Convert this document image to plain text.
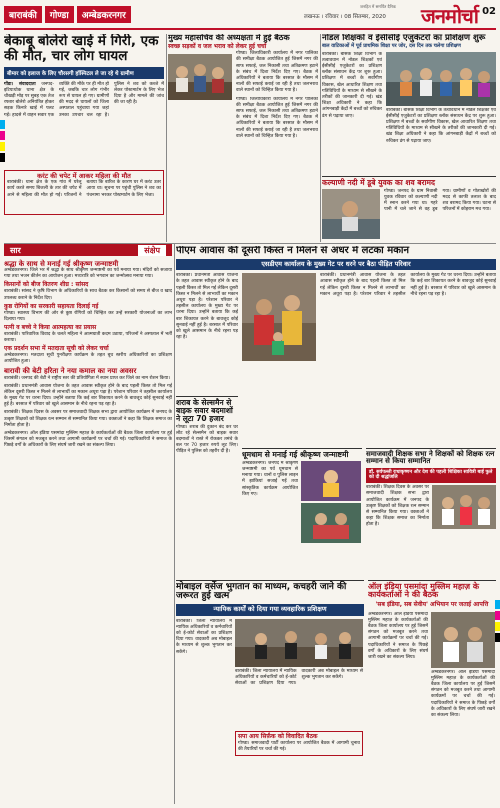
बाराबंकी	गोण्डा	अम्बेडकरनगर	लखनऊ । रविवार । 08 सितम्बर, 2020
जनहित में समर्पित दैनिक जनमोर्चा 02
बेकाबू बोलेरो खाई में गिरी, एक की मौत, चार लोग घायल
बीमार को इलाज के लिए चौरसगी हॉस्पिटल ले जा रहे थे ग्रामीण
गोंडा। संवाददाता जनपद-इटियाथोक थाना क्षेत्र के चौखड़ी मोड़ पर सुबह एक तेज रफ्तार बोलेरो अनियंत्रित होकर सड़क किनारे खाई में पलट गई। हादसे में वाहन सवार एक व्यक्ति की मौके पर ही मौत हो गई, जबकि चार लोग गंभीर रूप से घायल हो गए। ग्रामीणों की मदद से घायलों को जिला अस्पताल पहुंचाया गया जहां उनका उपचार चल रहा है। पुलिस ने शव को कब्जे में लेकर पोस्टमार्टम के लिए भेज दिया है और मामले की जांच की जा रही है।
करंट की चपेट में आकर महिला की मौत
बाराबंकी। थाना क्षेत्र के एक गांव में घरेलू कार्य करते समय बिजली के तार की चपेट में आने से महिला की मौत हो गई। परिजनों ने बताया कि बारिश के कारण घर में करंट उतर आया था। सूचना पर पहुंची पुलिस ने शव का पंचनामा भरकर पोस्टमार्टम के लिए भेजा।
मुख्य महासचिव की अध्यक्षता में हुई बैठक
स्वच्छ सड़कों व जल भराव को लेकर हुई चर्चा
गोण्डा। जिलाधिकारी कार्यालय में नगर पालिका की समीक्षा बैठक आयोजित हुई जिसमें नगर की साफ सफाई, जल निकासी तथा अतिक्रमण हटाने के संबंध में दिशा निर्देश दिए गए। बैठक में अधिकारियों ने बताया कि बरसात के मौसम में नालों की सफाई कराई जा रही है तथा जलभराव वाले स्थानों को चिन्हित किया गया है।
गोण्डा। जिलाधिकारी कार्यालय में नगर पालिका की समीक्षा बैठक आयोजित हुई जिसमें नगर की साफ सफाई, जल निकासी तथा अतिक्रमण हटाने के संबंध में दिशा निर्देश दिए गए। बैठक में अधिकारियों ने बताया कि बरसात के मौसम में नालों की सफाई कराई जा रही है तथा जलभराव वाले स्थानों को चिन्हित किया गया है।
नोडल शिक्षकों व ईसीसीई एजुकेटरों का प्रशिक्षण शुरू
बाल वाटिकाओं में पूर्व प्राथमिक शिक्षा पर जोर, दस दिन तक चलेगा प्रशिक्षण
बाराबंकी। बेसिक शिक्षा विभाग के तत्वावधान में नोडल शिक्षकों एवं ईसीसीई एजुकेटरों का प्रशिक्षण ब्लॉक संसाधन केंद्र पर शुरू हुआ। प्रशिक्षण में बच्चों के सर्वांगीण विकास, खेल आधारित शिक्षण तथा गतिविधियों के माध्यम से सीखने के तरीकों की जानकारी दी गई। खंड शिक्षा अधिकारी ने कहा कि आंगनबाड़ी केंद्रों में बच्चों को रुचिकर ढंग से पढ़ाया जाए।
बाराबंकी। बेसिक शिक्षा विभाग के तत्वावधान में नोडल शिक्षकों एवं ईसीसीई एजुकेटरों का प्रशिक्षण ब्लॉक संसाधन केंद्र पर शुरू हुआ। प्रशिक्षण में बच्चों के सर्वांगीण विकास, खेल आधारित शिक्षण तथा गतिविधियों के माध्यम से सीखने के तरीकों की जानकारी दी गई। खंड शिक्षा अधिकारी ने कहा कि आंगनबाड़ी केंद्रों में बच्चों को रुचिकर ढंग से पढ़ाया जाए।
कल्याणी नदी में डूबे युवक का शव बरामद
गोण्डा। जनपद के ग्राम निवासी युवक रविवार को कल्याणी नदी में स्नान करने गया था। गहरे पानी में चले जाने से वह डूब गया। ग्रामीणों व गोताखोरों की मदद से काफी तलाश के बाद शव बरामद किया गया। घटना से परिजनों में कोहराम मच गया।
सार	संक्षेप
श्रद्धा के साथ से मनाई गई श्रीकृष्ण जन्माष्टमी
अम्बेडकरनगर। जिले भर में श्रद्धा के साथ श्रीकृष्ण जन्माष्टमी का पर्व मनाया गया। मंदिरों को सजाया गया तथा भजन कीर्तन का आयोजन हुआ। मध्यरात्रि को भगवान का जन्मोत्सव मनाया गया।
किसानों को बीज वितरण शीघ्र : सांसद
बाराबंकी। सांसद ने कृषि विभाग के अधिकारियों के साथ बैठक कर किसानों को समय से बीज व खाद उपलब्ध कराने के निर्देश दिए।
कुष्ठ रोगियों का सरकारी सहायता दिलाई गई
गोण्डा। स्वास्थ्य विभाग की ओर से कुष्ठ रोगियों को चिन्हित कर उन्हें सरकारी योजनाओं का लाभ दिलाया गया।
पत्नी व बच्चे ने किया आत्महत्या का प्रयास
बाराबंकी। पारिवारिक विवाद के चलते महिला ने आत्मघाती कदम उठाया, परिजनों ने अस्पताल में भर्ती कराया।
एक प्रदर्शन सभा में मतदाता सूची को लेकर चर्चा
अम्बेडकरनगर। मतदाता सूची पुनरीक्षण कार्यक्रम के तहत बूथ स्तरीय अधिकारियों का प्रशिक्षण आयोजित हुआ।
बारावी की बेटी हरिता ने नया कमाल का नया अवसर
बाराबंकी। जनपद की बेटी ने राष्ट्रीय स्तर की प्रतियोगिता में स्थान प्राप्त कर जिले का नाम रोशन किया।
बाराबंकी। प्रधानमंत्री आवास योजना के तहत आवास स्वीकृत होने के बाद पहली किस्त तो मिल गई लेकिन दूसरी किस्त न मिलने से लाभार्थी का मकान अधूरा पड़ा है। परेशान परिवार ने तहसील कार्यालय के मुख्य गेट पर धरना दिया। उन्होंने बताया कि कई बार शिकायत करने के बावजूद कोई सुनवाई नहीं हुई है। बरसात में परिवार को खुले आसमान के नीचे रहना पड़ रहा है।
बाराबंकी। शिक्षक दिवस के अवसर पर समाजवादी शिक्षक सभा द्वारा आयोजित कार्यक्रम में जनपद के उत्कृष्ट शिक्षकों को शिक्षक रत्न सम्मान से सम्मानित किया गया। वक्ताओं ने कहा कि शिक्षक समाज का निर्माता होता है।
अम्बेडकरनगर। ऑल इंडिया पसमांदा मुस्लिम महाज़ के कार्यकर्ताओं की बैठक जिला कार्यालय पर हुई जिसमें संगठन को मजबूत करने तथा आगामी कार्यक्रमों पर चर्चा की गई। पदाधिकारियों ने समाज के पिछड़े वर्गों के अधिकारों के लिए संघर्ष जारी रखने का संकल्प लिया।
पीएम आवास की दूसरी किस्त न मिलने से अधर में लटका मकान
एसडीएम कार्यालय के मुख्य गेट पर धरने पर बैठा पीड़ित परिवार
बाराबंकी। प्रधानमंत्री आवास योजना के तहत आवास स्वीकृत होने के बाद पहली किस्त तो मिल गई लेकिन दूसरी किस्त न मिलने से लाभार्थी का मकान अधूरा पड़ा है। परेशान परिवार ने तहसील कार्यालय के मुख्य गेट पर धरना दिया। उन्होंने बताया कि कई बार शिकायत करने के बावजूद कोई सुनवाई नहीं हुई है। बरसात में परिवार को खुले आसमान के नीचे रहना पड़ रहा है।
बाराबंकी। प्रधानमंत्री आवास योजना के तहत आवास स्वीकृत होने के बाद पहली किस्त तो मिल गई लेकिन दूसरी किस्त न मिलने से लाभार्थी का मकान अधूरा पड़ा है। परेशान परिवार ने तहसील कार्यालय के मुख्य गेट पर धरना दिया। उन्होंने बताया कि कई बार शिकायत करने के बावजूद कोई सुनवाई नहीं हुई है। बरसात में परिवार को खुले आसमान के नीचे रहना पड़ रहा है।
शराब के सेल्समैन से बाइक सवार बदमाशों ने लूटा 70 हजार
गोण्डा। शराब की दुकान बंद कर घर लौट रहे सेल्समैन को बाइक सवार बदमाशों ने रास्ते में रोककर तमंचे के बल पर 70 हजार रुपये लूट लिए। पीड़ित ने पुलिस को तहरीर दी है।	धूमधाम से मनाई गई श्रीकृष्ण जन्माष्टमी
अम्बेडकरनगर। जनपद में श्रीकृष्ण जन्माष्टमी का पर्व धूमधाम से मनाया गया। थानों व पुलिस लाइन में झांकियां सजाई गईं तथा सांस्कृतिक कार्यक्रम आयोजित किए गए।
समाजवादी शिक्षक सभा ने शिक्षकों को शिक्षक रत्न सम्मान से किया सम्मानित
डॉ. सर्वपल्ली राधाकृष्णन और देश की पहली शिक्षिका सावित्री बाई फुले को दी श्रद्धांजलि
बाराबंकी। शिक्षक दिवस के अवसर पर समाजवादी शिक्षक सभा द्वारा आयोजित कार्यक्रम में जनपद के उत्कृष्ट शिक्षकों को शिक्षक रत्न सम्मान से सम्मानित किया गया। वक्ताओं ने कहा कि शिक्षक समाज का निर्माता होता है।
मोबाइल वर्सेज भुगतान का माध्यम, कचहरी जाने की जरूरत हुई खत्म
न्यायिक कार्यों को दिया गया व्यवहारिक प्रशिक्षण
बाराबंकी। जिला न्यायालय में न्यायिक अधिकारियों व कर्मचारियों को ई-कोर्ट सेवाओं का प्रशिक्षण दिया गया। वादकारी अब मोबाइल के माध्यम से शुल्क भुगतान कर सकेंगे।
बाराबंकी। जिला न्यायालय में न्यायिक अधिकारियों व कर्मचारियों को ई-कोर्ट सेवाओं का प्रशिक्षण दिया गया। वादकारी अब मोबाइल के माध्यम से शुल्क भुगतान कर सकेंगे।
सपा आय सिर्फ़ंक को विवादित बैठक
गोण्डा। समाजवादी पार्टी कार्यालय पर आयोजित बैठक में आगामी चुनाव की तैयारियों पर चर्चा की गई।
ऑल इंडिया पसमांदा मुस्लिम महाज़ के कार्यकर्ताओं ने की बैठक
'सब इंडिया, सब सेवीय' अभियान पर जताई आपत्ति
अम्बेडकरनगर। ऑल इंडिया पसमांदा मुस्लिम महाज़ के कार्यकर्ताओं की बैठक जिला कार्यालय पर हुई जिसमें संगठन को मजबूत करने तथा आगामी कार्यक्रमों पर चर्चा की गई। पदाधिकारियों ने समाज के पिछड़े वर्गों के अधिकारों के लिए संघर्ष जारी रखने का संकल्प लिया।
अम्बेडकरनगर। ऑल इंडिया पसमांदा मुस्लिम महाज़ के कार्यकर्ताओं की बैठक जिला कार्यालय पर हुई जिसमें संगठन को मजबूत करने तथा आगामी कार्यक्रमों पर चर्चा की गई। पदाधिकारियों ने समाज के पिछड़े वर्गों के अधिकारों के लिए संघर्ष जारी रखने का संकल्प लिया।
